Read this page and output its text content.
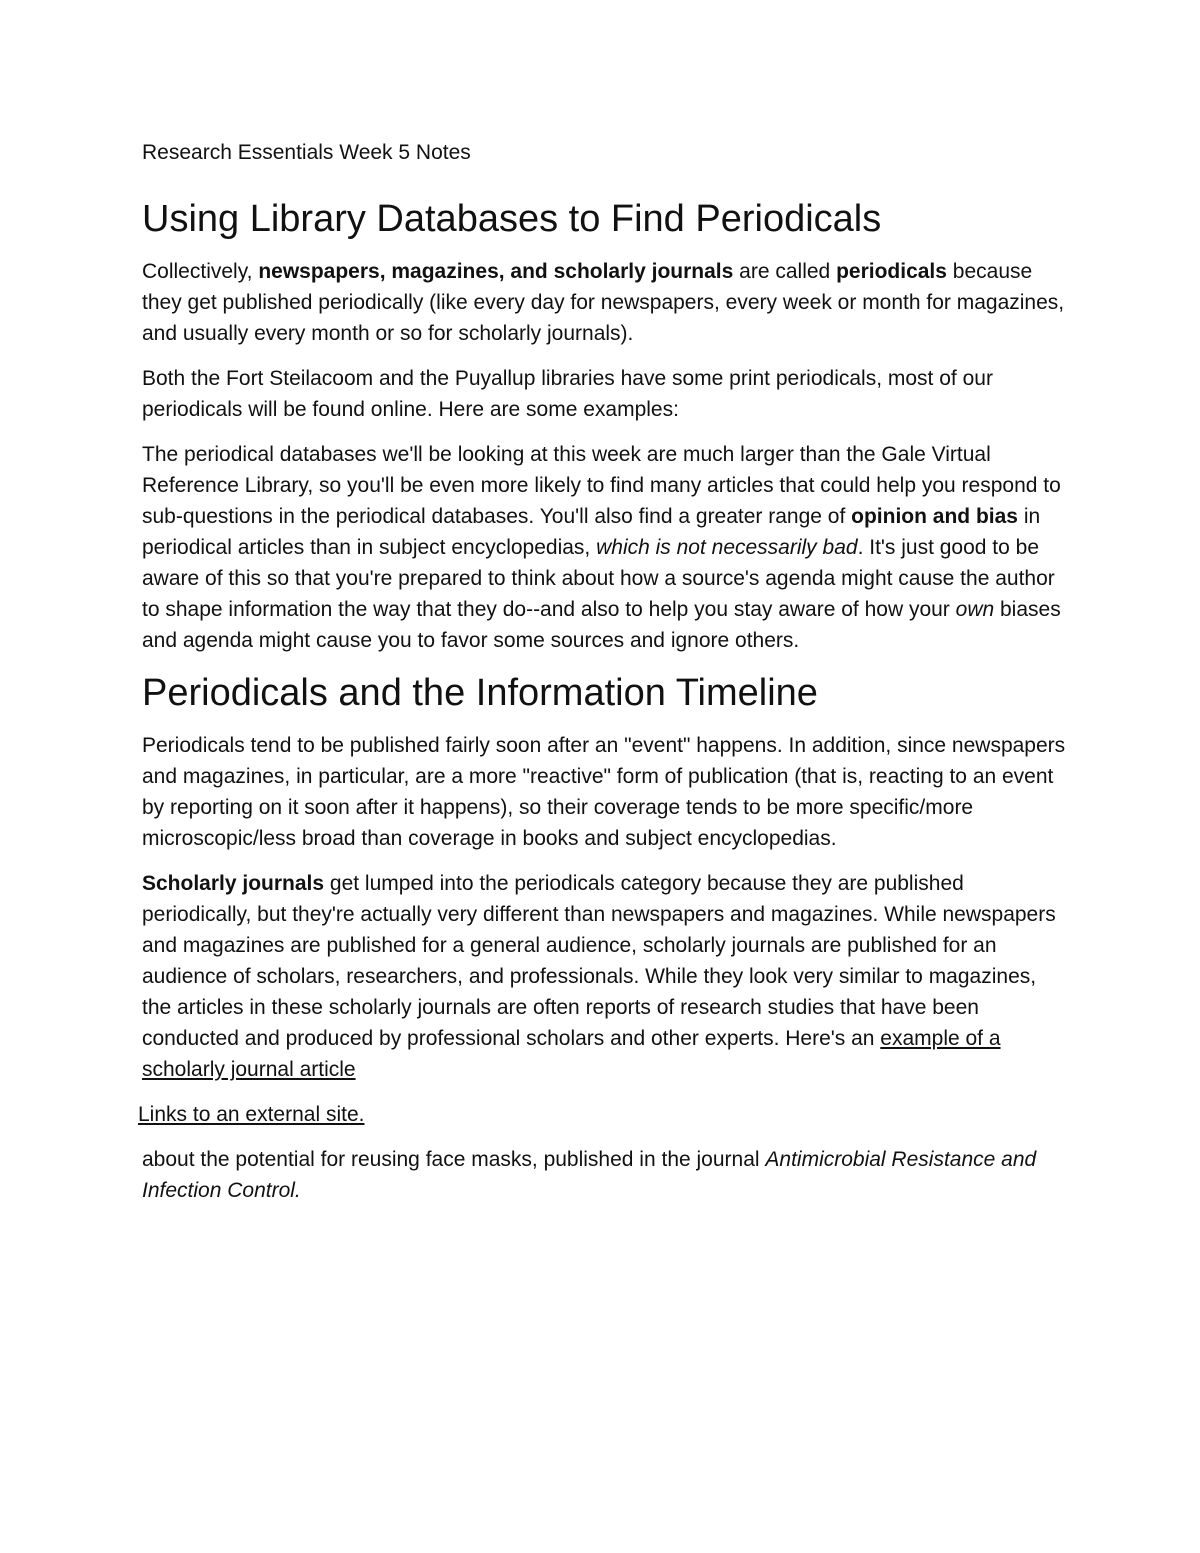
Research Essentials Week 5 Notes
Using Library Databases to Find Periodicals

Collectively, newspapers, magazines, and scholarly journals are called periodicals because they get published periodically (like every day for newspapers, every week or month for magazines, and usually every month or so for scholarly journals).

Both the Fort Steilacoom and the Puyallup libraries have some print periodicals, most of our periodicals will be found online. Here are some examples:

The periodical databases we'll be looking at this week are much larger than the Gale Virtual Reference Library, so you'll be even more likely to find many articles that could help you respond to sub-questions in the periodical databases. You'll also find a greater range of opinion and bias in periodical articles than in subject encyclopedias, which is not necessarily bad. It's just good to be aware of this so that you're prepared to think about how a source's agenda might cause the author to shape information the way that they do--and also to help you stay aware of how your own biases and agenda might cause you to favor some sources and ignore others.

Periodicals and the Information Timeline

Periodicals tend to be published fairly soon after an "event" happens. In addition, since newspapers and magazines, in particular, are a more "reactive" form of publication (that is, reacting to an event by reporting on it soon after it happens), so their coverage tends to be more specific/more microscopic/less broad than coverage in books and subject encyclopedias.

Scholarly journals get lumped into the periodicals category because they are published periodically, but they're actually very different than newspapers and magazines. While newspapers and magazines are published for a general audience, scholarly journals are published for an audience of scholars, researchers, and professionals. While they look very similar to magazines, the articles in these scholarly journals are often reports of research studies that have been conducted and produced by professional scholars and other experts. Here's an example of a scholarly journal article

Links to an external site.

about the potential for reusing face masks, published in the journal Antimicrobial Resistance and Infection Control.
